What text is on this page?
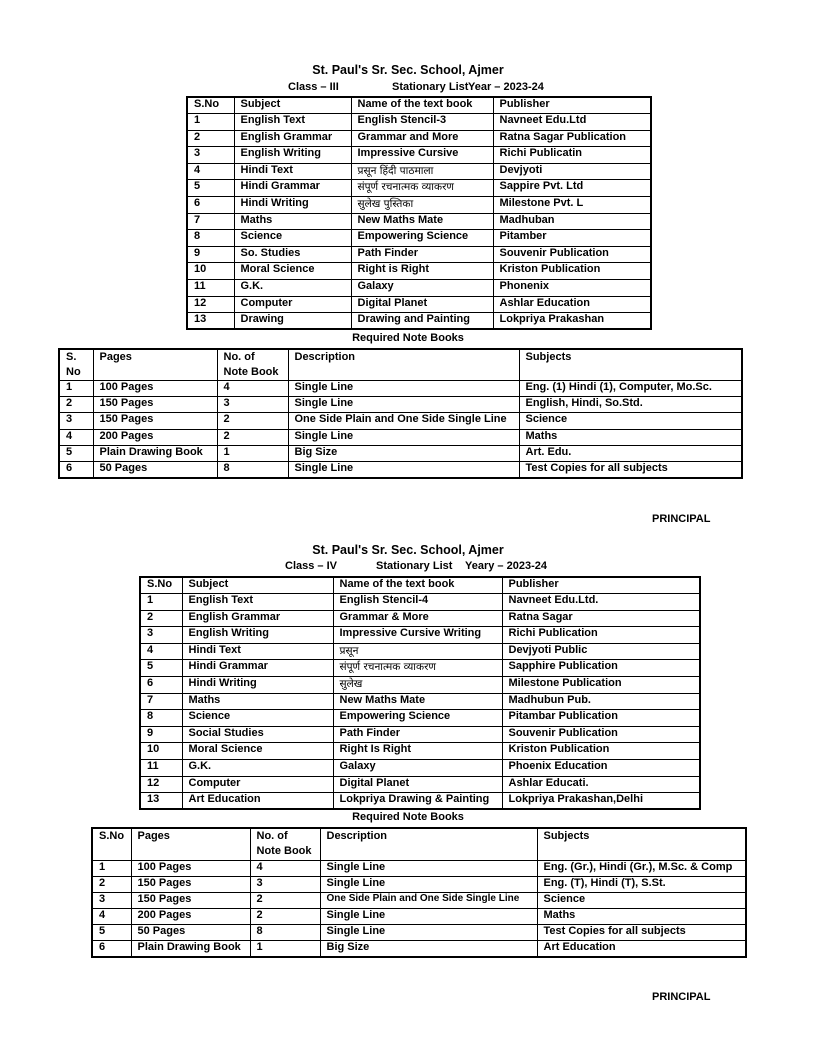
St. Paul's Sr. Sec. School, Ajmer
Class – III	Stationary List Year – 2023-24
S.No	Subject	Name of the text book	Publisher
1	English Text	English Stencil-3	Navneet Edu.Ltd
2	English Grammar	Grammar and More	Ratna Sagar Publication
3	English Writing	Impressive Cursive	Richi Publicatin
4	Hindi Text	प्रसून हिंदी पाठमाला	Devjyoti
5	Hindi Grammar	संपूर्ण रचनात्मक व्याकरण	Sappire Pvt. Ltd
6	Hindi Writing	सुलेख पुस्तिका	Milestone Pvt. L
7	Maths	New Maths Mate	Madhuban
8	Science	Empowering Science	Pitamber
9	So. Studies	Path Finder	Souvenir Publication
10	Moral Science	Right is Right	Kriston Publication
11	G.K.	Galaxy	Phonenix
12	Computer	Digital Planet	Ashlar Education
13	Drawing	Drawing and Painting	Lokpriya Prakashan
Required Note Books
S. No	Pages	No. of Note Book	Description	Subjects
1	100 Pages	4	Single Line	Eng. (1) Hindi (1), Computer, Mo.Sc.
2	150 Pages	3	Single Line	English, Hindi, So.Std.
3	150 Pages	2	One Side Plain and One Side Single Line	Science
4	200 Pages	2	Single Line	Maths
5	Plain Drawing Book	1	Big Size	Art. Edu.
6	50 Pages	8	Single Line	Test Copies for all subjects
PRINCIPAL
St. Paul's Sr. Sec. School, Ajmer
Class – IV	Stationary List Yeary – 2023-24
S.No	Subject	Name of the text book	Publisher
1	English Text	English Stencil-4	Navneet Edu.Ltd.
2	English Grammar	Grammar & More	Ratna Sagar
3	English Writing	Impressive Cursive Writing	Richi Publication
4	Hindi Text	प्रसून	Devjyoti Public
5	Hindi Grammar	संपूर्ण रचनात्मक व्याकरण	Sapphire Publication
6	Hindi Writing	सुलेख	Milestone Publication
7	Maths	New Maths Mate	Madhubun Pub.
8	Science	Empowering Science	Pitambar Publication
9	Social Studies	Path Finder	Souvenir Publication
10	Moral Science	Right Is Right	Kriston Publication
11	G.K.	Galaxy	Phoenix Education
12	Computer	Digital Planet	Ashlar Educati.
13	Art Education	Lokpriya Drawing & Painting	Lokpriya Prakashan,Delhi
Required Note Books
S.No	Pages	No. of Note Book	Description	Subjects
1	100 Pages	4	Single Line	Eng. (Gr.), Hindi (Gr.), M.Sc. & Comp
2	150 Pages	3	Single Line	Eng. (T), Hindi (T), S.St.
3	150 Pages	2	One Side Plain and One Side Single Line	Science
4	200 Pages	2	Single Line	Maths
5	50 Pages	8	Single Line	Test Copies for all subjects
6	Plain Drawing Book	1	Big Size	Art Education
PRINCIPAL
